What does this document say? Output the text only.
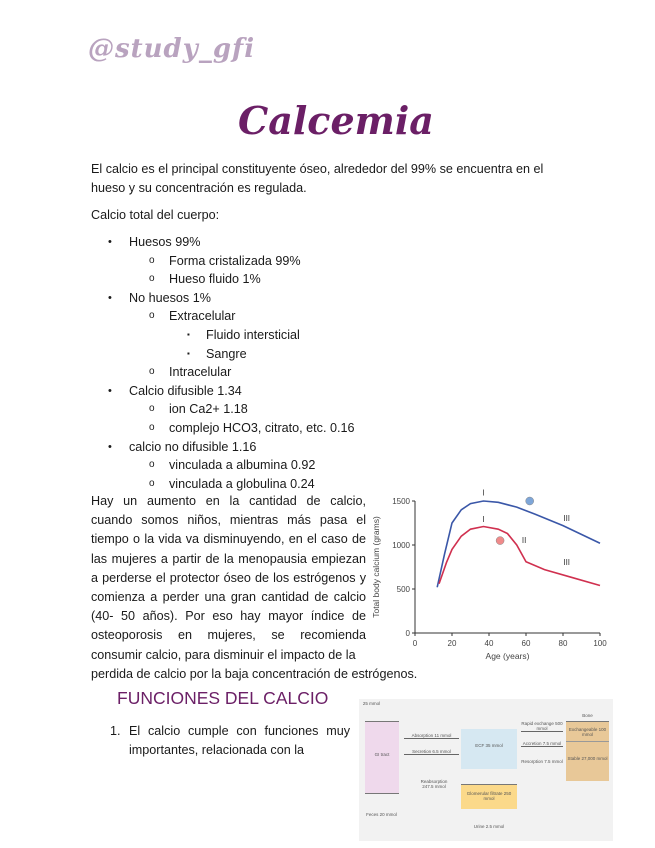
@study_gfi
Calcemia

El calcio es el principal constituyente óseo, alrededor del 99% se encuentra en el hueso y su concentración es regulada.

Calcio total del cuerpo:

• Huesos 99%
o Forma cristalizada 99%
o Hueso fluido 1%
• No huesos 1%
o Extracelular
▪ Fluido intersticial
▪ Sangre
o Intracelular
• Calcio difusible 1.34
o ion Ca2+ 1.18
o complejo HCO3, citrato, etc. 0.16
• calcio no difusible 1.16
o vinculada a albumina 0.92
o vinculada a globulina 0.24

Hay un aumento en la cantidad de calcio, cuando somos niños, mientras más pasa el tiempo o la vida va disminuyendo, en el caso de las mujeres a partir de la menopausia empiezan a perderse el protector óseo de los estrógenos y comienza a perder una gran cantidad de calcio (40- 50 años). Por eso hay mayor índice de osteoporosis en mujeres, se recomienda consumir calcio, para disminuir el impacto de la

perdida de calcio por la baja concentración de estrógenos.

FUNCIONES DEL CALCIO
1. El calcio cumple con funciones muy importantes, relacionada con la
0	20	40	60	80	100
0
500
1000
1500
Age (years)
Total body calcium (grams)
I
I
II
III
III
25 mmol
GI tract
Absorption 11 mmol
Secretion 6.5 mmol
ECF 35 mmol
Reabsorption 247.5 mmol
Glomerular filtrate 250 mmol
Feces 20 mmol
Urine 2.5 mmol
Rapid exchange 500 mmol
Accretion 7.5 mmol
Resorption 7.5 mmol
Bone
Exchangeable 100 mmol
Stable 27,000 mmol
